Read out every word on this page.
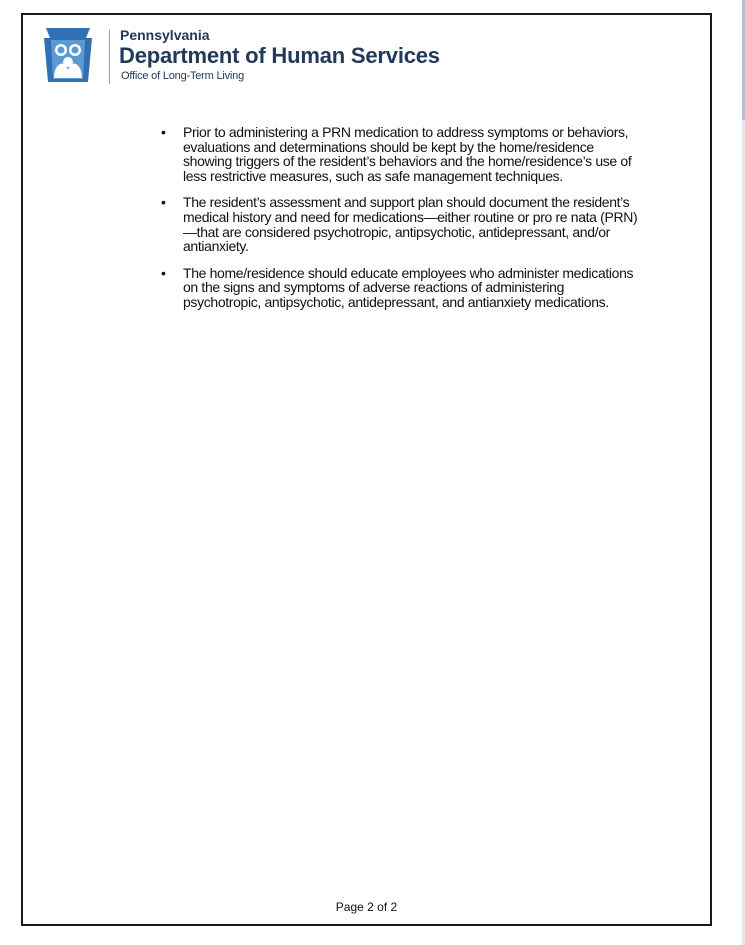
Pennsylvania
Department of Human Services
Office of Long-Term Living
• Prior to administering a PRN medication to address symptoms or behaviors, evaluations and determinations should be kept by the home/residence showing triggers of the resident’s behaviors and the home/residence’s use of less restrictive measures, such as safe management techniques.
• The resident’s assessment and support plan should document the resident’s medical history and need for medications—either routine or pro re nata (PRN)—that are considered psychotropic, antipsychotic, antidepressant, and/or antianxiety.
• The home/residence should educate employees who administer medications on the signs and symptoms of adverse reactions of administering psychotropic, antipsychotic, antidepressant, and antianxiety medications.
Page 2 of 2
